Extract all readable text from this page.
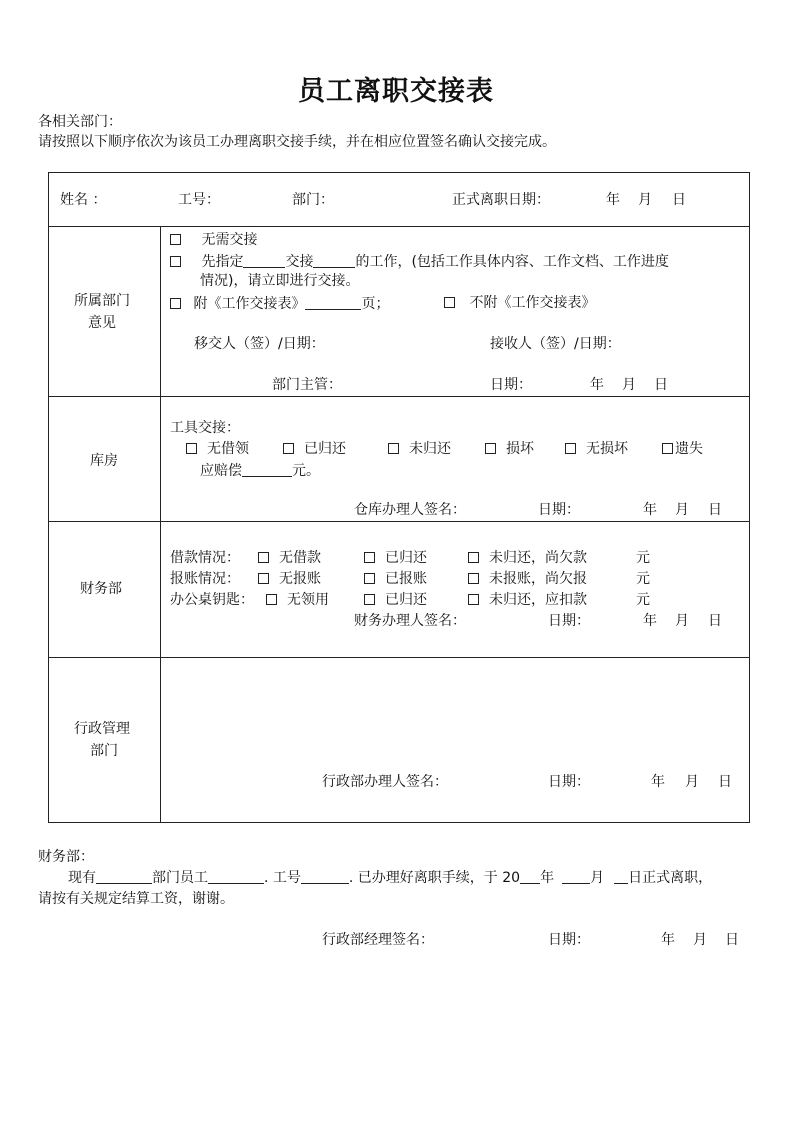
员工离职交接表
各相关部门：
请按照以下顺序依次为该员工办理离职交接手续，并在相应位置签名确认交接完成。
姓名 ：	工号：	部门：	正式离职日期：	年 月 日
所属部门
意见
无需交接
先指定	交接	的工作，(包括工作具体内容、工作文档、工作进度
情况)，请立即进行交接。
附《工作交接表》	页；	不附《工作交接表》
移交人（签）/日期：	接收人（签）/日期：
部门主管：	日期：	年 月 日
库房
工具交接：
无借领	已归还	未归还	损坏	无损坏	遗失
应赔偿	元。
仓库办理人签名：	日期：	年 月 日
财务部
借款情况：	无借款	已归还	未归还，尚欠款	元
报账情况：	无报账	已报账	未报账，尚欠报	元
办公桌钥匙：	无领用	已归还	未归还，应扣款	元
财务办理人签名：	日期：	年 月 日
行政管理
部门
行政部办理人签名：	日期：	年 月 日
财务部：
现有	部门员工	. 工号	. 已办理好离职手续，于 20 年	月 日正式离职，
请按有关规定结算工资，谢谢。
行政部经理签名：	日期：	年 月 日
